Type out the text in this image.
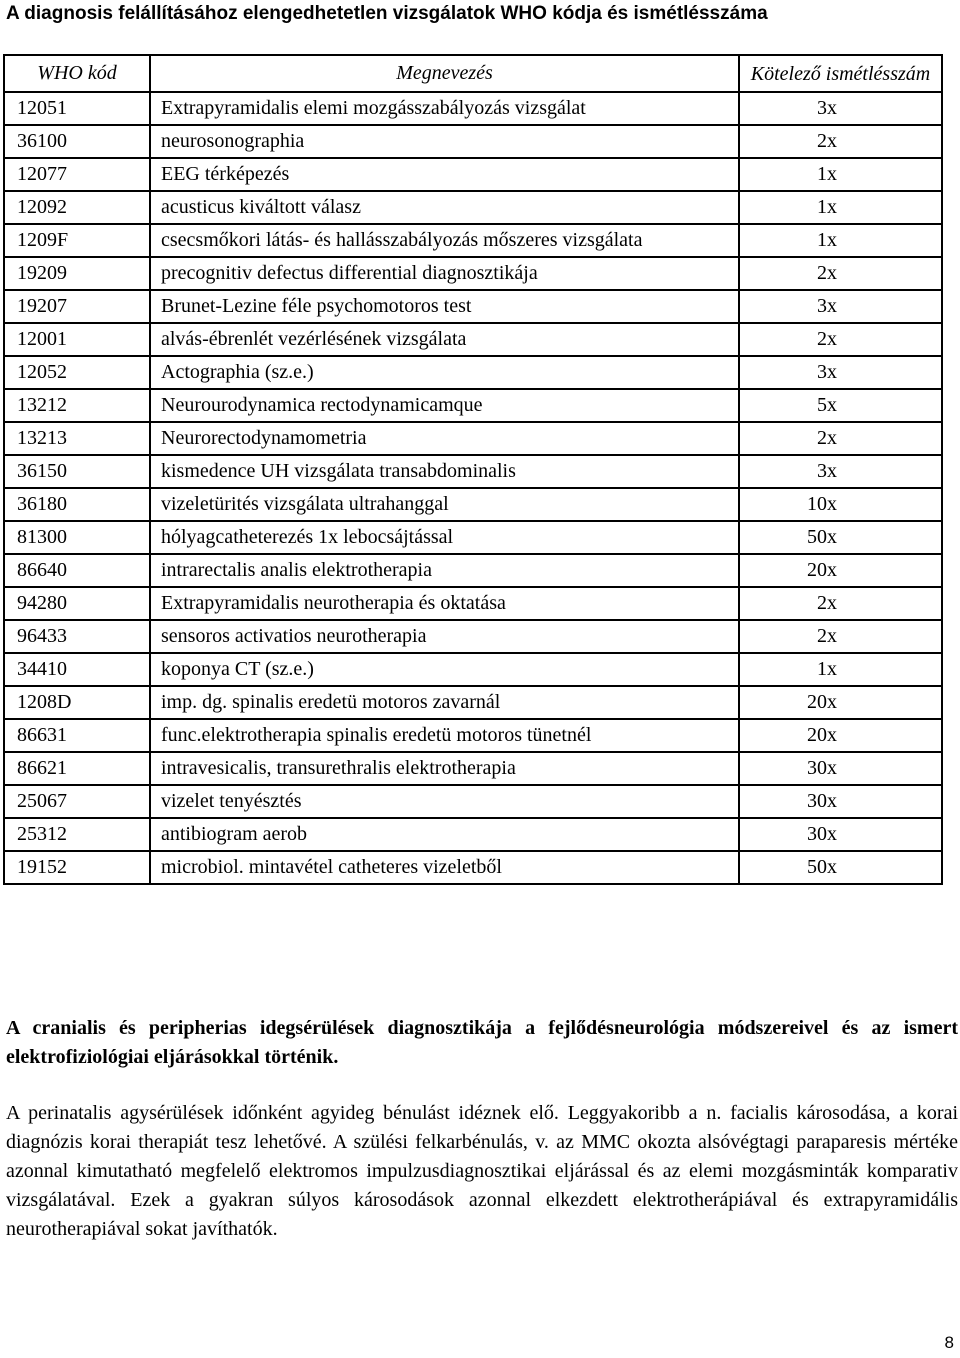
A diagnosis felállításához elengedhetetlen vizsgálatok WHO kódja és ismétlésszáma
WHO kód	Megnevezés	Kötelező ismétlésszám
12051	Extrapyramidalis elemi mozgásszabályozás vizsgálat	3x
36100	neurosonographia	2x
12077	EEG térképezés	1x
12092	acusticus kiváltott válasz	1x
1209F	csecsmőkori látás- és hallásszabályozás mőszeres vizsgálata	1x
19209	precognitiv defectus differential diagnosztikája	2x
19207	Brunet-Lezine féle psychomotoros test	3x
12001	alvás-ébrenlét vezérlésének vizsgálata	2x
12052	Actographia (sz.e.)	3x
13212	Neurourodynamica rectodynamicamque	5x
13213	Neurorectodynamometria	2x
36150	kismedence UH vizsgálata transabdominalis	3x
36180	vizeletürités vizsgálata ultrahanggal	10x
81300	hólyagcatheterezés 1x lebocsájtással	50x
86640	intrarectalis analis elektrotherapia	20x
94280	Extrapyramidalis neurotherapia és oktatása	2x
96433	sensoros activatios neurotherapia	2x
34410	koponya CT (sz.e.)	1x
1208D	imp. dg. spinalis eredetü motoros zavarnál	20x
86631	func.elektrotherapia spinalis eredetü motoros tünetnél	20x
86621	intravesicalis, transurethralis elektrotherapia	30x
25067	vizelet tenyésztés	30x
25312	antibiogram aerob	30x
19152	microbiol. mintavétel catheteres vizeletből	50x

A cranialis és peripherias idegsérülések diagnosztikája a fejlődésneurológia módszereivel és az ismert elektrofiziológiai eljárásokkal történik.

A perinatalis agysérülések időnként agyideg bénulást idéznek elő. Leggyakoribb a n. facialis károsodása, a korai diagnózis korai therapiát tesz lehetővé. A szülési felkarbénulás, v. az MMC okozta alsóvégtagi paraparesis mértéke azonnal kimutatható megfelelő elektromos impulzusdiagnosztikai eljárással és az elemi mozgásminták komparativ vizsgálatával. Ezek a gyakran súlyos károsodások azonnal elkezdett elektrotherápiával és extrapyramidális neurotherapiával sokat javíthatók.

8
